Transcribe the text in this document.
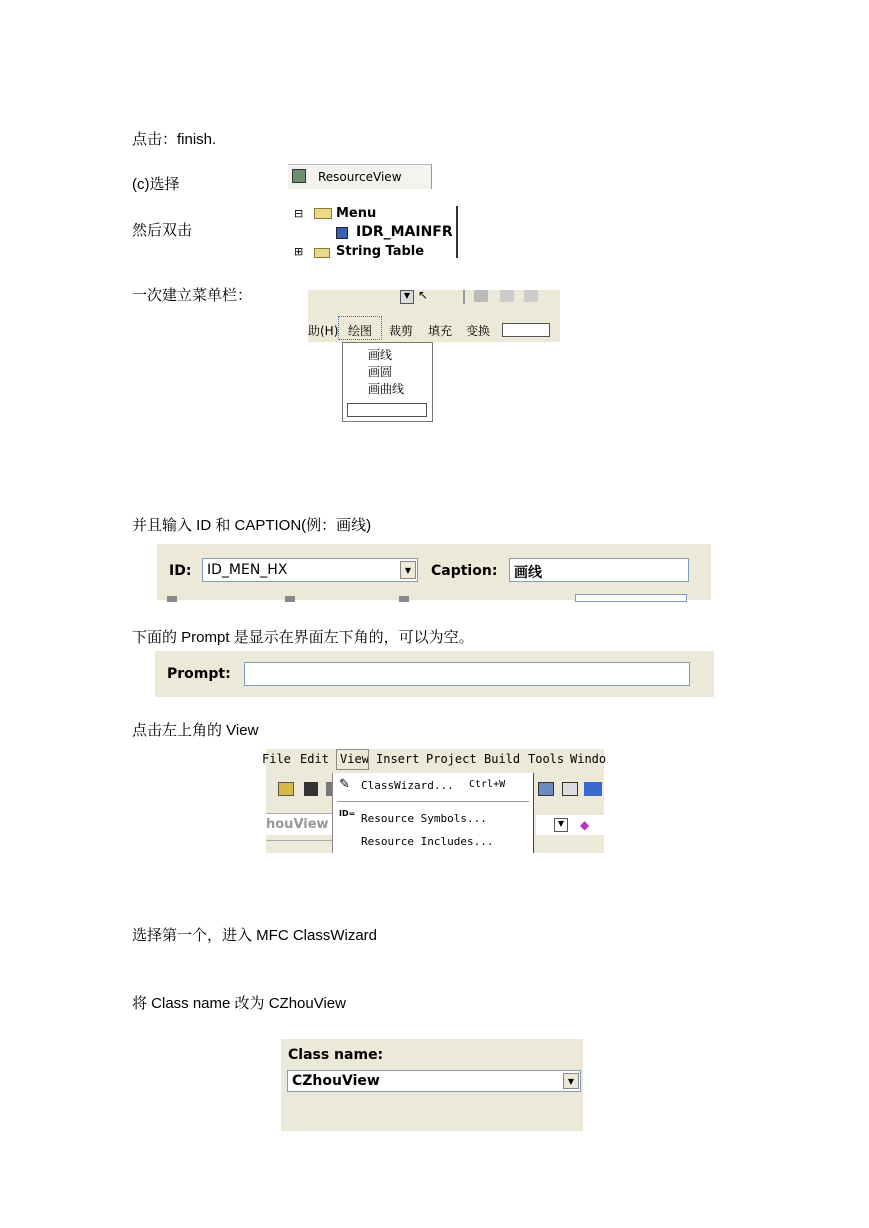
点击：finish.
(c)选择
然后双击
一次建立菜单栏：
并且输入 ID 和 CAPTION(例：画线)
下面的 Prompt 是显示在界面左下角的，可以为空。
点击左上角的 View
选择第一个，进入 MFC ClassWizard
将 Class name 改为 CZhouView
ResourceView
⊟	Menu
IDR_MAINFR
⊞	String Table
▼ ↖
助(H) 绘图 裁剪 填充 变换
画线
画圆
画曲线
ID: ID_MEN_HX	▼	Caption: 画线
Prompt:
File Edit View Insert Project Build Tools Windo
houView	▼	◆
✎ ClassWizard... Ctrl+W
ID= Resource Symbols...
Resource Includes...
Class name:
CZhouView	▼
